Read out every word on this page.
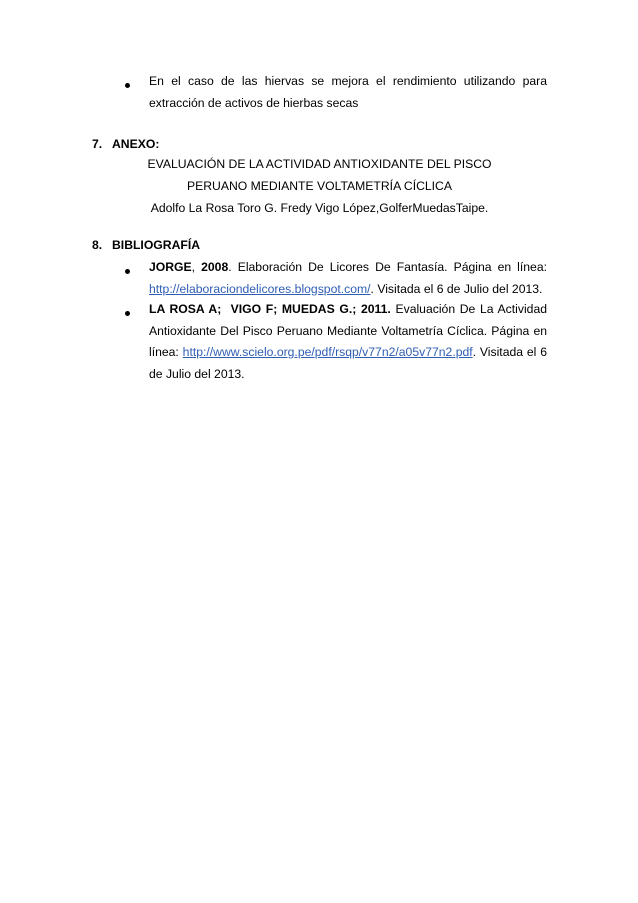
En el caso de las hiervas se mejora el rendimiento utilizando para
extracción de activos de hierbas secas
7. ANEXO:
EVALUACIÓN DE LA ACTIVIDAD ANTIOXIDANTE DEL PISCO
PERUANO MEDIANTE VOLTAMETRÍA CÍCLICA
Adolfo La Rosa Toro G. Fredy Vigo López,GolferMuedasTaipe.
8. BIBLIOGRAFÍA
JORGE, 2008. Elaboración De Licores De Fantasía. Página en línea:
http://elaboraciondelicores.blogspot.com/. Visitada el 6 de Julio del 2013.
LA ROSA A;  VIGO F; MUEDAS G.; 2011. Evaluación De La Actividad
Antioxidante Del Pisco Peruano Mediante Voltametría Cíclica. Página en
línea: http://www.scielo.org.pe/pdf/rsqp/v77n2/a05v77n2.pdf. Visitada el 6
de Julio del 2013.
